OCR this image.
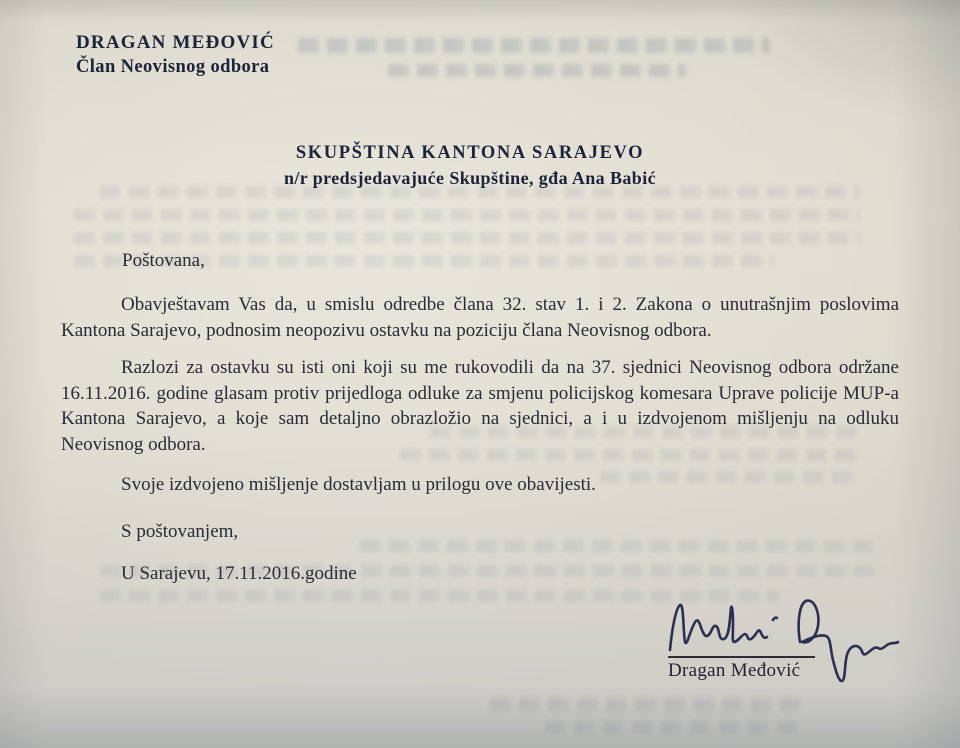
DRAGAN MEĐOVIĆ
Član Neovisnog odbora
SKUPŠTINA KANTONA SARAJEVO
n/r predsjedavajuće Skupštine, gđa Ana Babić
Poštovana,
Obavještavam Vas da, u smislu odredbe člana 32. stav 1. i 2. Zakona o unutrašnjim poslovima Kantona Sarajevo, podnosim neopozivu ostavku na poziciju člana Neovisnog odbora.
Razlozi za ostavku su isti oni koji su me rukovodili da na 37. sjednici Neovisnog odbora održane 16.11.2016. godine glasam protiv prijedloga odluke za smjenu policijskog komesara Uprave policije MUP-a Kantona Sarajevo, a koje sam detaljno obrazložio na sjednici, a i u izdvojenom mišljenju na odluku Neovisnog odbora.
Svoje izdvojeno mišljenje dostavljam u prilogu ove obavijesti.
S poštovanjem,
U Sarajevu, 17.11.2016.godine
Dragan Međović
